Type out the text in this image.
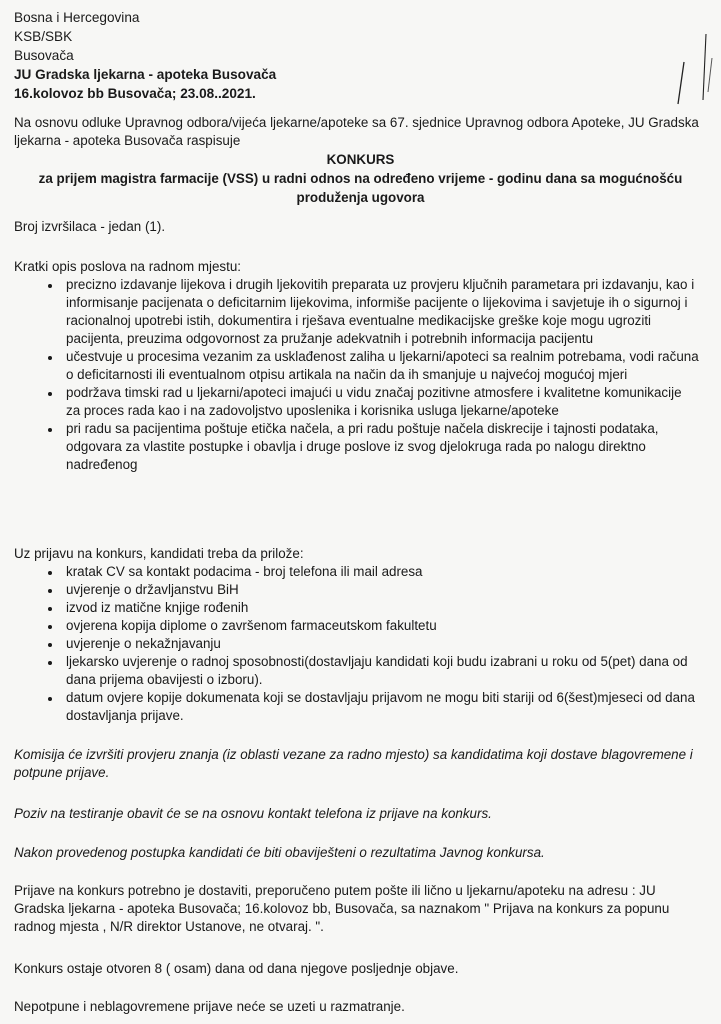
Bosna i Hercegovina
KSB/SBK
Busovača
JU Gradska ljekarna - apoteka Busovača
16.kolovoz bb Busovača; 23.08..2021.
Na osnovu odluke Upravnog odbora/vijeća ljekarne/apoteke sa 67. sjednice Upravnog odbora Apoteke, JU Gradska ljekarna - apoteka Busovača raspisuje
KONKURS
za prijem magistra farmacije (VSS) u radni odnos na određeno vrijeme - godinu dana sa mogućnošću produženja ugovora
Broj izvršilaca - jedan (1).
Kratki opis poslova na radnom mjestu:
• precizno izdavanje lijekova i drugih ljekovitih preparata uz provjeru ključnih parametara pri izdavanju, kao i informisanje pacijenata o deficitarnim lijekovima, informiše pacijente o lijekovima i savjetuje ih o sigurnoj i racionalnoj upotrebi istih, dokumentira i rješava eventualne medikacijske greške koje mogu ugroziti pacijenta, preuzima odgovornost za pružanje adekvatnih i potrebnih informacija pacijentu
• učestvuje u procesima vezanim za usklađenost zaliha u ljekarni/apoteci sa realnim potrebama, vodi računa o deficitarnosti ili eventualnom otpisu artikala na način da ih smanjuje u najvećoj mogućoj mjeri
• podržava timski rad u ljekarni/apoteci imajući u vidu značaj pozitivne atmosfere i kvalitetne komunikacije za proces rada kao i na zadovoljstvo uposlenika i korisnika usluga ljekarne/apoteke
• pri radu sa pacijentima poštuje etička načela, a pri radu poštuje načela diskrecije i tajnosti podataka, odgovara za vlastite postupke i obavlja i druge poslove iz svog djelokruga rada po nalogu direktno nadređenog
Uz prijavu na konkurs, kandidati treba da prilože:
• kratak CV sa kontakt podacima - broj telefona ili mail adresa
• uvjerenje o državljanstvu BiH
• izvod iz matične knjige rođenih
• ovjerena kopija diplome o završenom farmaceutskom fakultetu
• uvjerenje o nekažnjavanju
• ljekarsko uvjerenje o radnoj sposobnosti(dostavljaju kandidati koji budu izabrani u roku od 5(pet) dana od dana prijema obavijesti o izboru).
• datum ovjere kopije dokumenata koji se dostavljaju prijavom ne mogu biti stariji od 6(šest)mjeseci od dana dostavljanja prijave.
Komisija će izvršiti provjeru znanja (iz oblasti vezane za radno mjesto) sa kandidatima koji dostave blagovremene i potpune prijave.
Poziv na testiranje obavit će se na osnovu kontakt telefona iz prijave na konkurs.
Nakon provedenog postupka kandidati će biti obaviješteni o rezultatima Javnog konkursa.
Prijave na konkurs potrebno je dostaviti, preporučeno putem pošte ili lično u ljekarnu/apoteku na adresu : JU Gradska ljekarna - apoteka Busovača; 16.kolovoz bb, Busovača, sa naznakom " Prijava na konkurs za popunu radnog mjesta , N/R direktor Ustanove, ne otvaraj. ".
Konkurs ostaje otvoren 8 ( osam) dana od dana njegove posljednje objave.
Nepotpune i neblagovremene prijave neće se uzeti u razmatranje.
